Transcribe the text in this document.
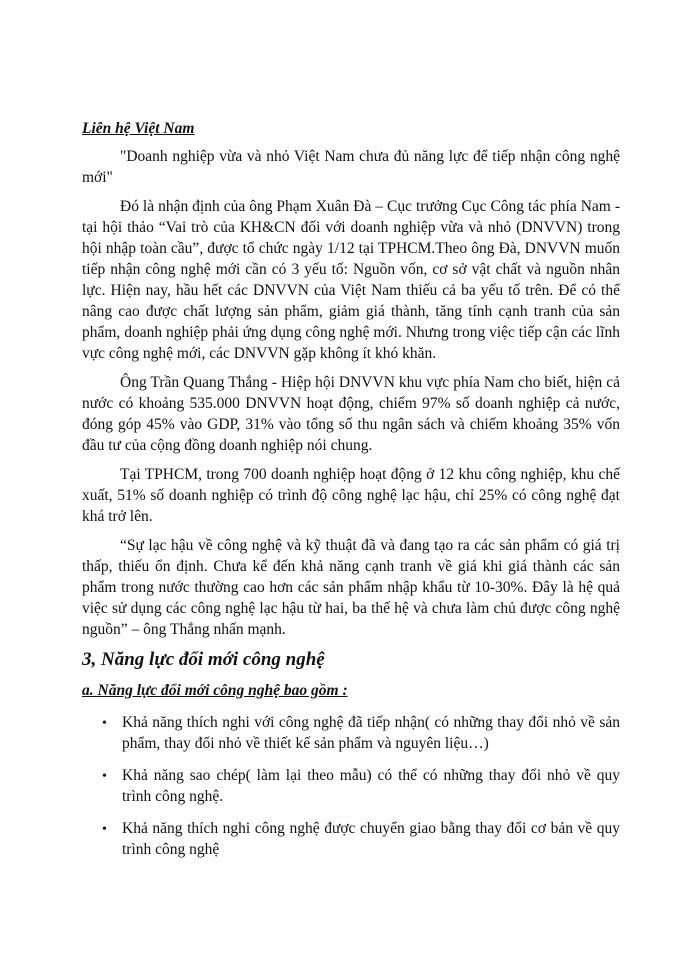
Liên hệ Việt Nam

"Doanh nghiệp vừa và nhỏ Việt Nam chưa đủ năng lực để tiếp nhận công nghệ mới"

Đó là nhận định của ông Phạm Xuân Đà – Cục trưởng Cục Công tác phía Nam - tại hội thảo “Vai trò của KH&CN đối với doanh nghiệp vừa và nhỏ (DNVVN) trong hội nhập toàn cầu”, được tổ chức ngày 1/12 tại TPHCM.Theo ông Đà, DNVVN muốn tiếp nhận công nghệ mới cần có 3 yếu tố: Nguồn vốn, cơ sở vật chất và nguồn nhân lực. Hiện nay, hầu hết các DNVVN của Việt Nam thiếu cả ba yếu tố trên. Để có thể nâng cao được chất lượng sản phẩm, giảm giá thành, tăng tính cạnh tranh của sản phẩm, doanh nghiệp phải ứng dụng công nghệ mới. Nhưng trong việc tiếp cận các lĩnh vực công nghệ mới, các DNVVN gặp không ít khó khăn.

Ông Trần Quang Thắng - Hiệp hội DNVVN khu vực phía Nam cho biết, hiện cả nước có khoảng 535.000 DNVVN hoạt động, chiếm 97% số doanh nghiệp cả nước, đóng góp 45% vào GDP, 31% vào tổng số thu ngân sách và chiếm khoảng 35% vốn đầu tư của cộng đồng doanh nghiệp nói chung.

Tại TPHCM, trong 700 doanh nghiệp hoạt động ở 12 khu công nghiệp, khu chế xuất, 51% số doanh nghiệp có trình độ công nghệ lạc hậu, chỉ 25% có công nghệ đạt khá trở lên.

“Sự lạc hậu về công nghệ và kỹ thuật đã và đang tạo ra các sản phẩm có giá trị thấp, thiếu ổn định. Chưa kể đến khả năng cạnh tranh về giá khi giá thành các sản phẩm trong nước thường cao hơn các sản phẩm nhập khẩu từ 10-30%. Đây là hệ quả việc sử dụng các công nghệ lạc hậu từ hai, ba thế hệ và chưa làm chủ được công nghệ nguồn” – ông Thắng nhấn mạnh.

3, Năng lực đổi mới công nghệ

a. Năng lực đổi mới công nghệ bao gồm :

• Khả năng thích nghi với công nghệ đã tiếp nhận( có những thay đổi nhỏ về sản phẩm, thay đổi nhỏ về thiết kế sản phẩm và nguyên liệu…)
• Khả năng sao chép( làm lại theo mẫu) có thể có những thay đổi nhỏ về quy trình công nghệ.
• Khả năng thích nghi công nghệ được chuyển giao bằng thay đổi cơ bản về quy trình công nghệ
